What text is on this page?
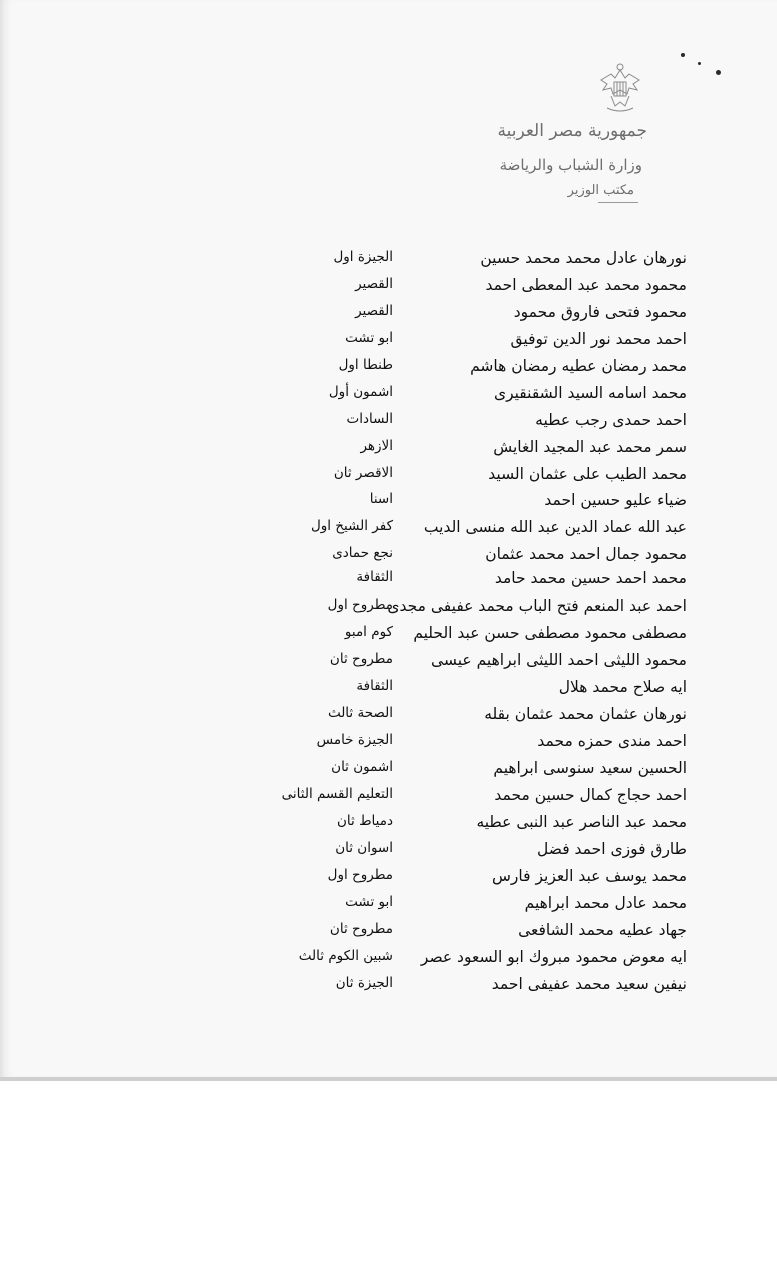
جمهورية مصر العربية
وزارة الشباب والرياضة
مكتب الوزير
نورهان عادل محمد محمد حسين
الجيزة اول
محمود محمد عبد المعطى احمد
القصير
محمود فتحى فاروق محمود
القصير
احمد محمد نور الدين توفيق
ابو تشت
محمد رمضان عطيه رمضان هاشم
طنطا اول
محمد اسامه السيد الشقنقيرى
اشمون أول
احمد حمدى رجب عطيه
السادات
سمر محمد عبد المجيد الغايش
الازهر
محمد الطيب على عثمان السيد
الاقصر ثان
ضياء عليو حسين احمد
اسنا
عبد الله عماد الدين عبد الله منسى الديب
كفر الشيخ اول
محمود جمال احمد محمد عثمان
نجع حمادى
محمد احمد حسين محمد حامد
الثقافة
احمد عبد المنعم فتح الباب محمد عفيفى مجدى
مطروح اول
مصطفى محمود مصطفى حسن عبد الحليم
كوم امبو
محمود الليثى احمد الليثى ابراهيم عيسى
مطروح ثان
ايه صلاح محمد هلال
الثقافة
نورهان عثمان محمد عثمان بقله
الصحة ثالث
احمد مندى حمزه محمد
الجيزة خامس
الحسين سعيد سنوسى ابراهيم
اشمون ثان
احمد حجاج كمال حسين محمد
التعليم القسم الثانى
محمد عبد الناصر عبد النبى عطيه
دمياط ثان
طارق فوزى احمد فضل
اسوان ثان
محمد يوسف عبد العزيز فارس
مطروح اول
محمد عادل محمد ابراهيم
ابو تشت
جهاد عطيه محمد الشافعى
مطروح ثان
ايه معوض محمود مبروك ابو السعود عصر
شبين الكوم ثالث
نيفين سعيد محمد عفيفى احمد
الجيزة ثان
